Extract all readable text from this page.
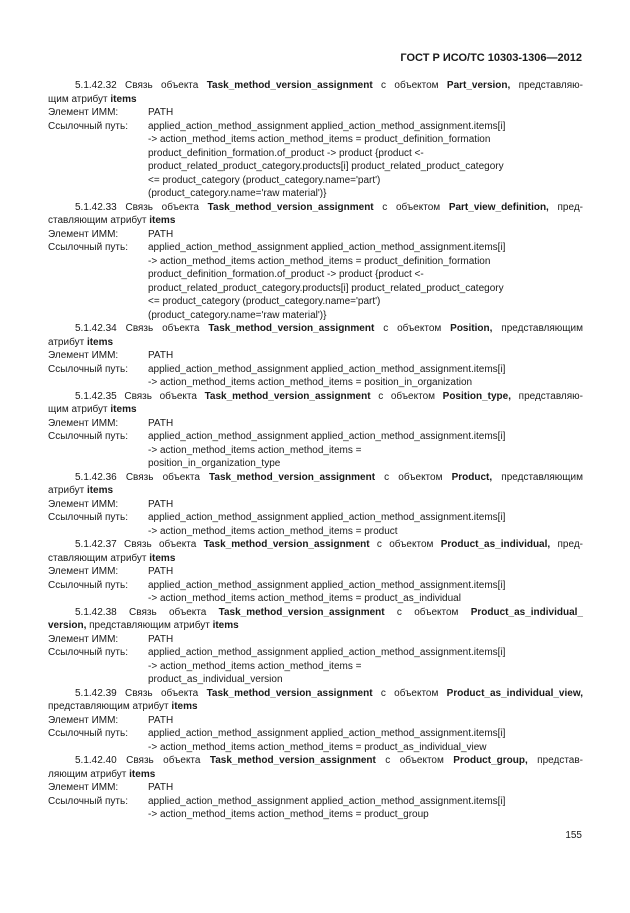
ГОСТ Р ИСО/ТС 10303-1306—2012
5.1.42.32 Связь объекта Task_method_version_assignment с объектом Part_version, представляю-
щим атрибут items
Элемент ИММ:	PATH
Ссылочный путь:	applied_action_method_assignment applied_action_method_assignment.items[i]
-> action_method_items action_method_items = product_definition_formation
product_definition_formation.of_product -> product {product <-
product_related_product_category.products[i] product_related_product_category
<= product_category (product_category.name='part')
(product_category.name='raw material')}
5.1.42.33 Связь объекта Task_method_version_assignment с объектом Part_view_definition, пред-
ставляющим атрибут items
Элемент ИММ:	PATH
Ссылочный путь:	applied_action_method_assignment applied_action_method_assignment.items[i]
-> action_method_items action_method_items = product_definition_formation
product_definition_formation.of_product -> product {product <-
product_related_product_category.products[i] product_related_product_category
<= product_category (product_category.name='part')
(product_category.name='raw material')}
5.1.42.34 Связь объекта Task_method_version_assignment с объектом Position, представляющим
атрибут items
Элемент ИММ:	PATH
Ссылочный путь:	applied_action_method_assignment applied_action_method_assignment.items[i]
-> action_method_items action_method_items = position_in_organization
5.1.42.35 Связь объекта Task_method_version_assignment с объектом Position_type, представляю-
щим атрибут items
Элемент ИММ:	PATH
Ссылочный путь:	applied_action_method_assignment applied_action_method_assignment.items[i]
-> action_method_items action_method_items =
position_in_organization_type
5.1.42.36 Связь объекта Task_method_version_assignment с объектом Product, представляющим
атрибут items
Элемент ИММ:	PATH
Ссылочный путь:	applied_action_method_assignment applied_action_method_assignment.items[i]
-> action_method_items action_method_items = product
5.1.42.37 Связь объекта Task_method_version_assignment с объектом Product_as_individual, пред-
ставляющим атрибут items
Элемент ИММ:	PATH
Ссылочный путь:	applied_action_method_assignment applied_action_method_assignment.items[i]
-> action_method_items action_method_items = product_as_individual
5.1.42.38 Связь объекта Task_method_version_assignment с объектом Product_as_individual_
version, представляющим атрибут items
Элемент ИММ:	PATH
Ссылочный путь:	applied_action_method_assignment applied_action_method_assignment.items[i]
-> action_method_items action_method_items =
product_as_individual_version
5.1.42.39 Связь объекта Task_method_version_assignment с объектом Product_as_individual_view,
представляющим атрибут items
Элемент ИММ:	PATH
Ссылочный путь:	applied_action_method_assignment applied_action_method_assignment.items[i]
-> action_method_items action_method_items = product_as_individual_view
5.1.42.40 Связь объекта Task_method_version_assignment с объектом Product_group, представ-
ляющим атрибут items
Элемент ИММ:	PATH
Ссылочный путь:	applied_action_method_assignment applied_action_method_assignment.items[i]
-> action_method_items action_method_items = product_group
155
